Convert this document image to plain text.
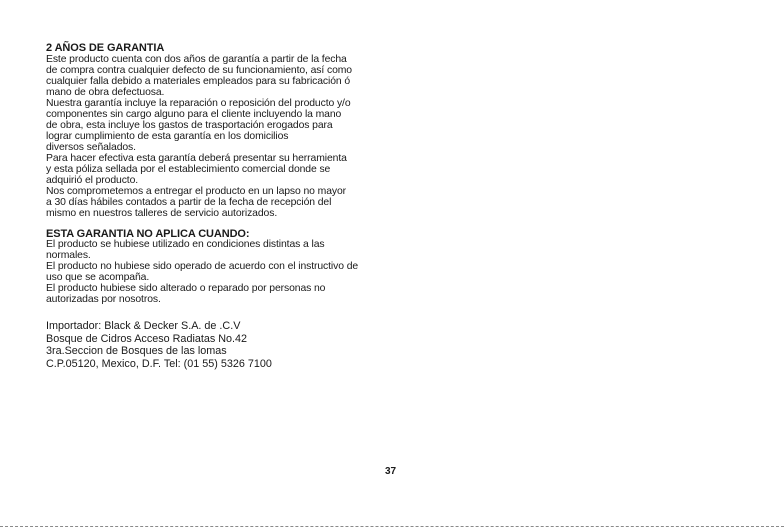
2 AÑOS DE GARANTIA

Este producto cuenta con dos años de garantía a partir de la fecha
de compra contra cualquier defecto de su funcionamiento, así como
cualquier falla debido a materiales empleados para su fabricación ó
mano de obra defectuosa.
Nuestra garantía incluye la reparación o reposición del producto y/o
componentes sin cargo alguno para el cliente incluyendo la mano
de obra, esta incluye los gastos de trasportación erogados para
lograr cumplimiento de esta garantía en los domicilios
diversos señalados.
Para hacer efectiva esta garantía deberá presentar su herramienta
y esta póliza sellada por el establecimiento comercial donde se
adquirió el producto.
Nos comprometemos a entregar el producto en un lapso no mayor
a 30 días hábiles contados a partir de la fecha de recepción del
mismo en nuestros talleres de servicio autorizados.

ESTA GARANTIA NO APLICA CUANDO:

El producto se hubiese utilizado en condiciones distintas a las
normales.
El producto no hubiese sido operado de acuerdo con el instructivo de
uso que se acompaña.
El producto hubiese sido alterado o reparado por personas no
autorizadas por nosotros.
Importador: Black & Decker S.A. de .C.V
Bosque de Cidros Acceso Radiatas No.42
3ra.Seccion de Bosques de las lomas
C.P.05120, Mexico, D.F. Tel: (01 55) 5326 7100
37
